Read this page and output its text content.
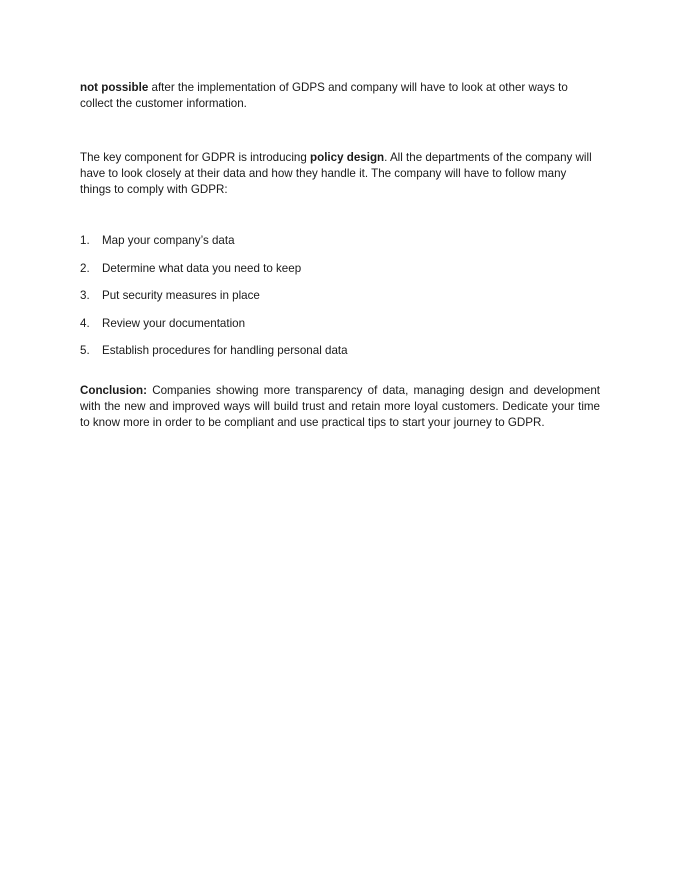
not possible after the implementation of GDPS and company will have to look at other ways to collect the customer information.

The key component for GDPR is introducing policy design. All the departments of the company will have to look closely at their data and how they handle it. The company will have to follow many things to comply with GDPR:

1.	Map your company’s data
2.	Determine what data you need to keep
3.	Put security measures in place
4.	Review your documentation
5.	Establish procedures for handling personal data

Conclusion: Companies showing more transparency of data, managing design and development with the new and improved ways will build trust and retain more loyal customers. Dedicate your time to know more in order to be compliant and use practical tips to start your journey to GDPR.
